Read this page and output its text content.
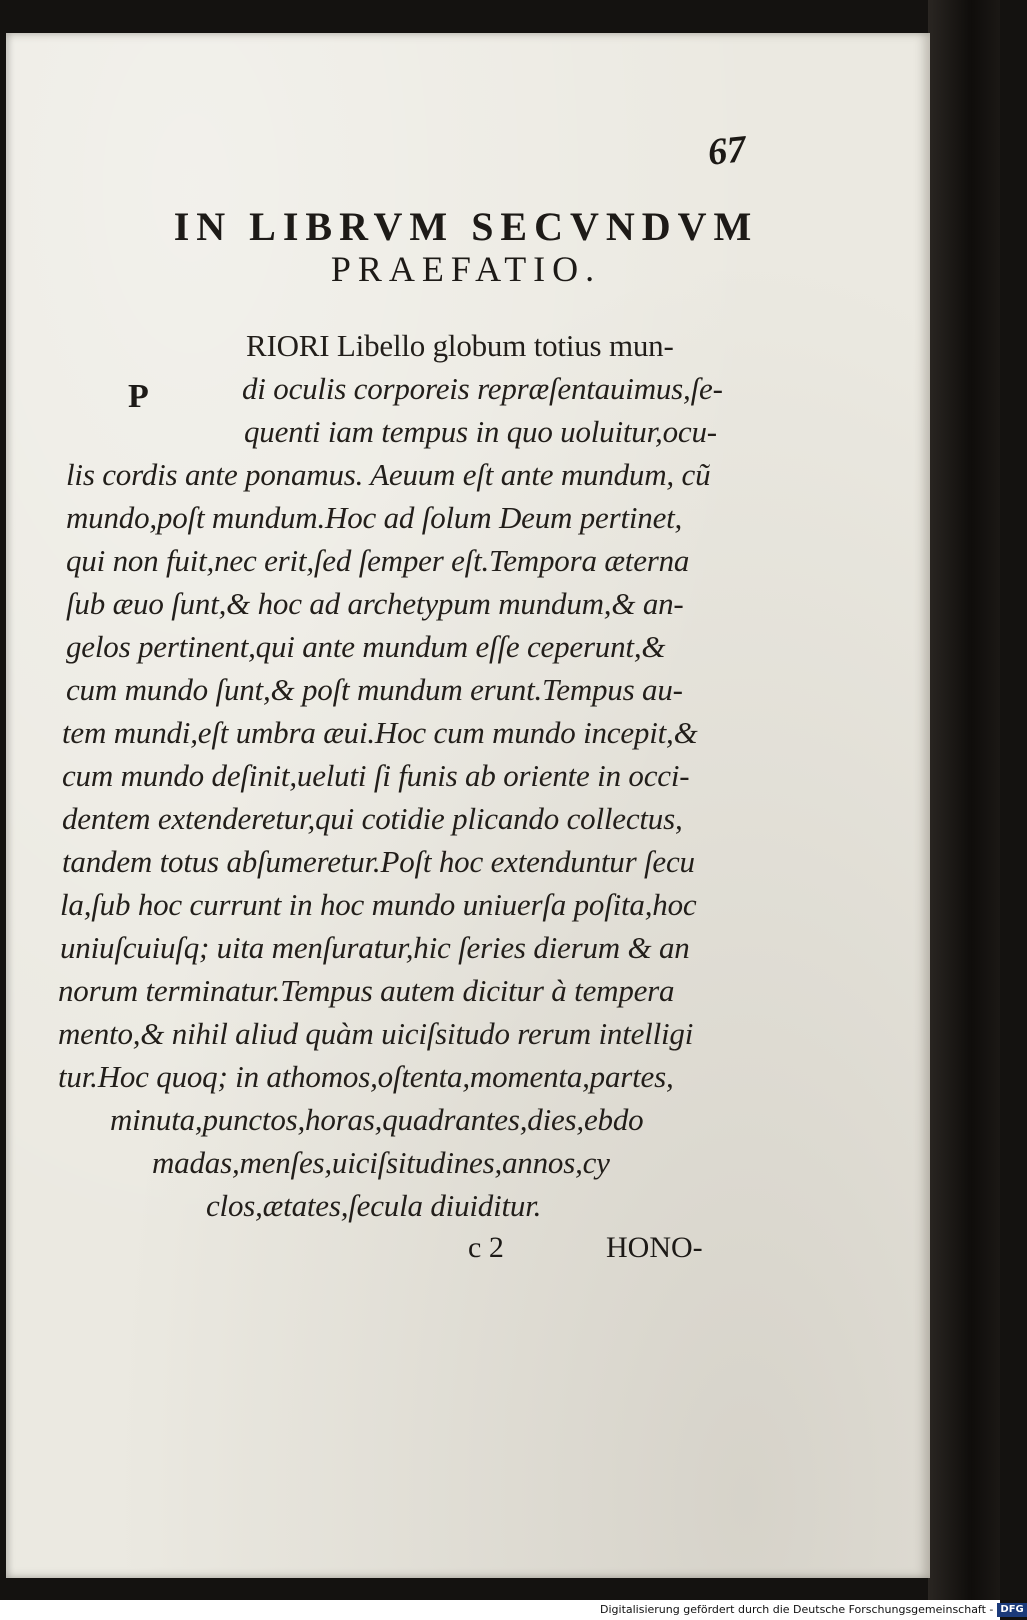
67
IN LIBRVM SECVNDVM
PRAEFATIO.
P
RIORI Libello globum totius mun-
di oculis corporeis repræſentauimus,ſe-
quenti iam tempus in quo uoluitur,ocu-
lis cordis ante ponamus. Aeuum eſt ante mundum, cũ
mundo,poſt mundum.Hoc ad ſolum Deum pertinet,
qui non fuit,nec erit,ſed ſemper eſt.Tempora æterna
ſub æuo ſunt,& hoc ad archetypum mundum,& an-
gelos pertinent,qui ante mundum eſſe ceperunt,&
cum mundo ſunt,& poſt mundum erunt.Tempus au-
tem mundi,eſt umbra æui.Hoc cum mundo incepit,&
cum mundo deſinit,ueluti ſi funis ab oriente in occi-
dentem extenderetur,qui cotidie plicando collectus,
tandem totus abſumeretur.Poſt hoc extenduntur ſecu
la,ſub hoc currunt in hoc mundo uniuerſa poſita,hoc
uniuſcuiuſq; uita menſuratur,hic ſeries dierum & an
norum terminatur.Tempus autem dicitur à tempera
mento,& nihil aliud quàm uiciſsitudo rerum intelligi
tur.Hoc quoq; in athomos,oſtenta,momenta,partes,
minuta,punctos,horas,quadrantes,dies,ebdo
madas,menſes,uiciſsitudines,annos,cy
clos,ætates,ſecula diuiditur.
c 2	HONO-
Digitalisierung gefördert durch die Deutsche Forschungsgemeinschaft - DFG
